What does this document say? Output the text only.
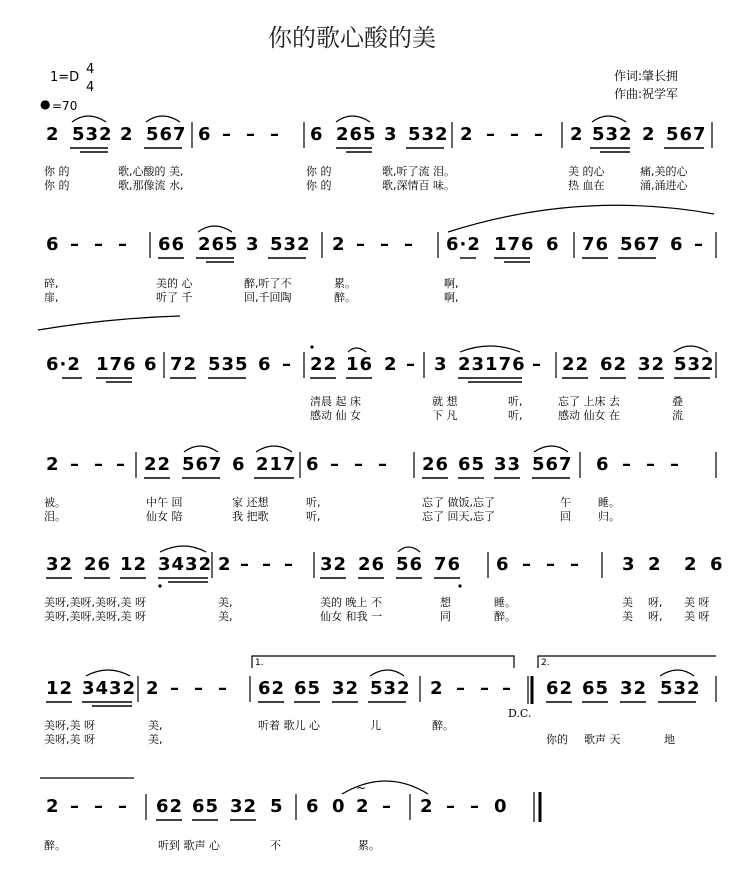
你的歌心酸的美
1=D
4
4
=70
●
作词:肇长拥
作曲:祝学军
2 532 2 567 6 – – – 6 265 3 532 2 – – – 2 532 2 567
你 的	歌,心酸的 美,	你 的	歌,听了流 泪。	美 的心	痛,美的心
你 的	歌,那像流 水,	你 的	歌,深情百 味。	热 血在	涌,涌进心
6 – – – 66 265 3 532 2 – – – 6·2 176 6 76 567 6 –
碎,	美的 心	醉,听了不	累。	啊,
扉,	听了 千	回,千回陶	醉。	啊,
6·2 176 6 72 535 6 – 22 16 2 – 3 23176 – 22 62 32 532
清晨 起 床	就 想	听,	忘了 上床 去	叠
感动 仙 女	下 凡	听,	感动 仙女 在	流
2 – – – 22 567 6 217 6 – – – 26 65 33 567 6 – – –
被。	中午 回	家 还想	听,	忘了 做饭,忘了	午 睡。
泪。	仙女 陪	我 把歌	听,	忘了 回天,忘了	回 归。
32 26 12 3432 2 – – – 32 26 56 76 6 – – – 3 2 2 6
美呀,美呀,美呀,美 呀	美,	美的 晚上 不	想	睡。	美 呀, 美 呀
美呀,美呀,美呀,美 呀	美,	仙女 和我 一	同	醉。	美 呀, 美 呀
1.	2.
12 3432 2 – – – 62 65 32 532 2 – – – 62 65 32 532
D.C.
美呀,美 呀	美,	听着 歌儿 心	儿	醉。
美呀,美 呀	美,	你的 歌声 天	地
2 – – – 62 65 32 5 6 0 2 – 2 – – 0
~
醉。	听到 歌声 心	不	累。
